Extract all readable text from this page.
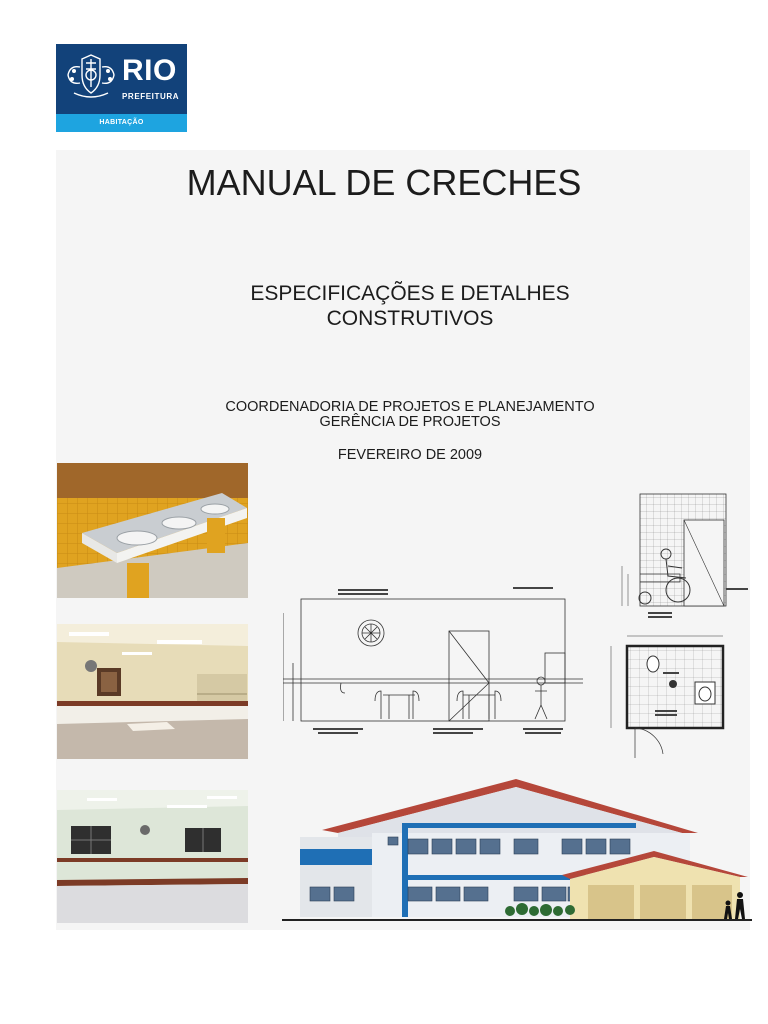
RIO
PREFEITURA
HABITAÇÃO
MANUAL DE CRECHES
ESPECIFICAÇÕES E DETALHES
CONSTRUTIVOS
COORDENADORIA DE PROJETOS E PLANEJAMENTO
GERÊNCIA DE PROJETOS
FEVEREIRO DE 2009
